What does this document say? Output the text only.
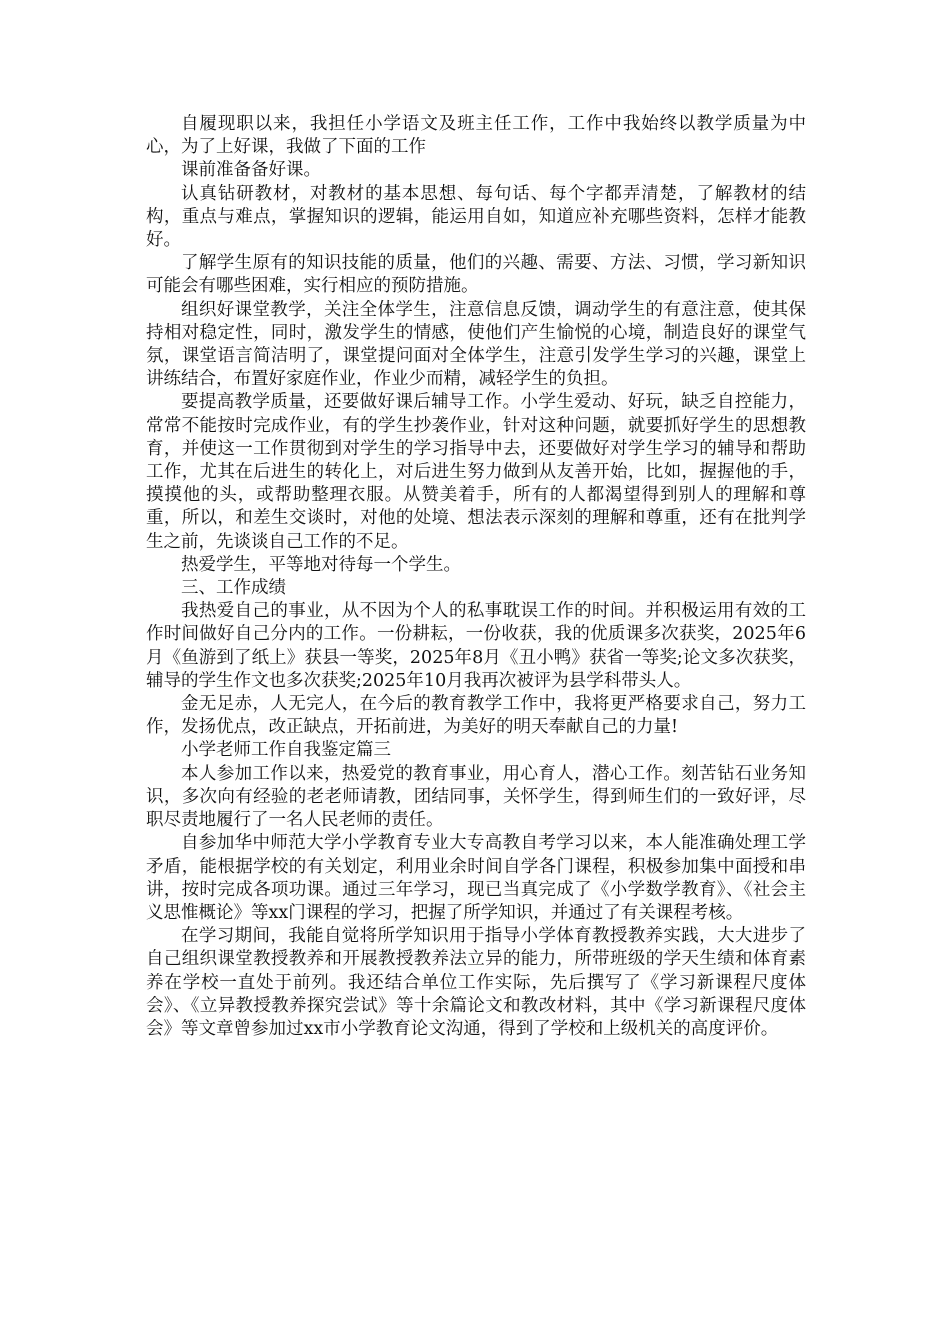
自履现职以来，我担任小学语文及班主任工作，工作中我始终以教学质量为中心，为了上好课，我做了下面的工作

课前准备备好课。

认真钻研教材，对教材的基本思想、每句话、每个字都弄清楚，了解教材的结构，重点与难点，掌握知识的逻辑，能运用自如，知道应补充哪些资料，怎样才能教好。

了解学生原有的知识技能的质量，他们的兴趣、需要、方法、习惯，学习新知识可能会有哪些困难，实行相应的预防措施。

组织好课堂教学，关注全体学生，注意信息反馈，调动学生的有意注意，使其保持相对稳定性，同时，激发学生的情感，使他们产生愉悦的心境，制造良好的课堂气氛，课堂语言简洁明了，课堂提问面对全体学生，注意引发学生学习的兴趣，课堂上讲练结合，布置好家庭作业，作业少而精，减轻学生的负担。

要提高教学质量，还要做好课后辅导工作。小学生爱动、好玩，缺乏自控能力，常常不能按时完成作业，有的学生抄袭作业，针对这种问题，就要抓好学生的思想教育，并使这一工作贯彻到对学生的学习指导中去，还要做好对学生学习的辅导和帮助工作，尤其在后进生的转化上，对后进生努力做到从友善开始，比如，握握他的手，摸摸他的头，或帮助整理衣服。从赞美着手，所有的人都渴望得到别人的理解和尊重，所以，和差生交谈时，对他的处境、想法表示深刻的理解和尊重，还有在批判学生之前，先谈谈自己工作的不足。

热爱学生，平等地对待每一个学生。

三、工作成绩

我热爱自己的事业，从不因为个人的私事耽误工作的时间。并积极运用有效的工作时间做好自己分内的工作。一份耕耘，一份收获，我的优质课多次获奖，2025年6月《鱼游到了纸上》获县一等奖，2025年8月《丑小鸭》获省一等奖;论文多次获奖，辅导的学生作文也多次获奖;2025年10月我再次被评为县学科带头人。

金无足赤，人无完人，在今后的教育教学工作中，我将更严格要求自己，努力工作，发扬优点，改正缺点，开拓前进，为美好的明天奉献自己的力量!

小学老师工作自我鉴定篇三

本人参加工作以来，热爱党的教育事业，用心育人，潜心工作。刻苦钻石业务知识，多次向有经验的老老师请教，团结同事，关怀学生，得到师生们的一致好评，尽职尽责地履行了一名人民老师的责任。

自参加华中师范大学小学教育专业大专高教自考学习以来，本人能准确处理工学矛盾，能根据学校的有关划定，利用业余时间自学各门课程，积极参加集中面授和串讲，按时完成各项功课。通过三年学习，现已当真完成了《小学数学教育》、《社会主义思惟概论》等xx门课程的学习，把握了所学知识，并通过了有关课程考核。

在学习期间，我能自觉将所学知识用于指导小学体育教授教养实践，大大进步了自己组织课堂教授教养和开展教授教养法立异的能力，所带班级的学天生绩和体育素养在学校一直处于前列。我还结合单位工作实际，先后撰写了《学习新课程尺度体会》、《立异教授教养探究尝试》等十余篇论文和教改材料，其中《学习新课程尺度体会》等文章曾参加过xx市小学教育论文沟通，得到了学校和上级机关的高度评价。
